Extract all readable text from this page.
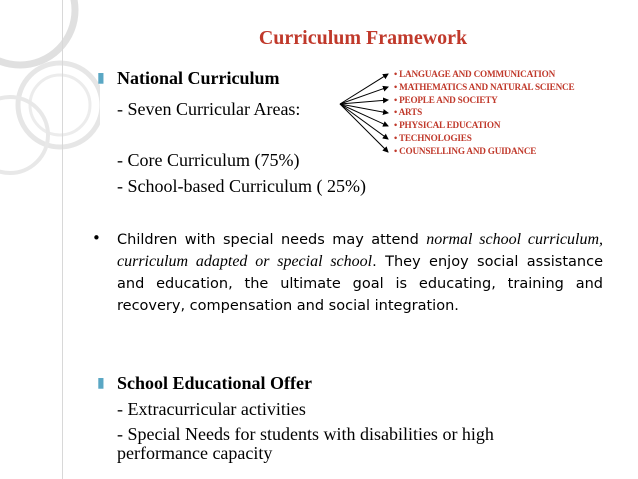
Curriculum Framework
▮ National Curriculum
- Seven Curricular Areas:
• LANGUAGE AND COMMUNICATION
• MATHEMATICS AND NATURAL SCIENCE
• PEOPLE AND SOCIETY
• ARTS
• PHYSICAL EDUCATION
• TECHNOLOGIES
• COUNSELLING AND GUIDANCE
- Core Curriculum (75%)
- School-based Curriculum ( 25%)
• Children with special needs may attend normal school curriculum, curriculum adapted or special school. They enjoy social assistance and education, the ultimate goal is educating, training and recovery, compensation and social integration.
▮ School Educational Offer
- Extracurricular activities
- Special Needs for students with disabilities or high performance capacity
